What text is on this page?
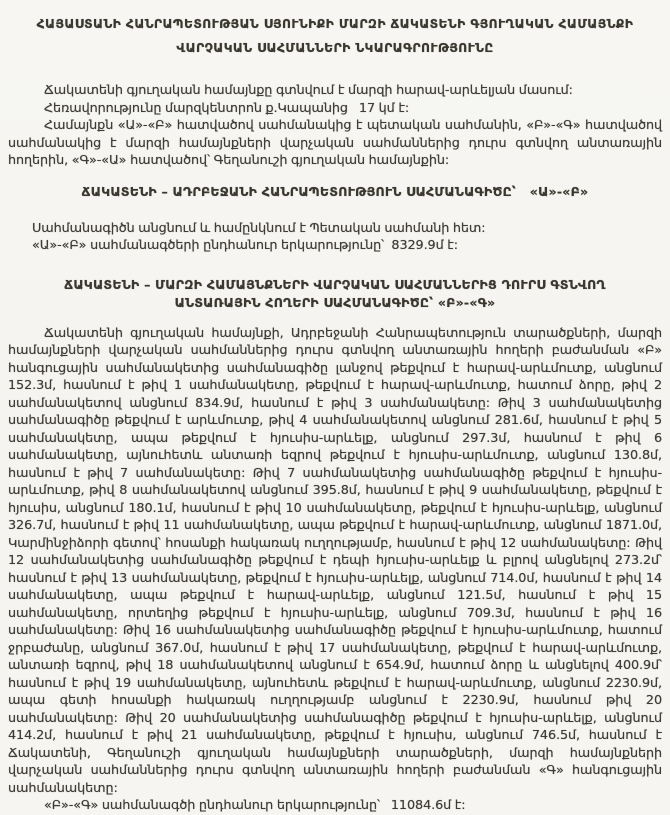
ՀԱՅԱՍՏԱՆԻ ՀԱՆՐԱՊԵՏՈՒԹՅԱՆ ՍՅՈՒՆԻՔԻ ՄԱՐԶԻ ՃԱԿԱՏԵՆԻ ԳՅՈՒՂԱԿԱՆ ՀԱՄԱՅՆՔԻ
ՎԱՐՉԱԿԱՆ ՍԱՀՄԱՆՆԵՐԻ ՆԿԱՐԱԳՐՈՒԹՅՈՒՆԸ

Ճակատենի գյուղական համայնքը գտնվում է մարզի հարավ-արևելյան մասում:

Հեռավորությունը մարզկենտրոն ք.Կապանից   17 կմ է:

Համայնքն «Ա»-«Բ» հատվածով սահմանակից է պետական սահմանին, «Բ»-«Գ» հատվածով սահմանակից է մարզի համայնքների վարչական սահմաններից դուրս գտնվող անտառային հողերին, «Գ»-«Ա» հատվածով՝ Գեղանուշի գյուղական համայնքին:

ՃԱԿԱՏԵՆԻ – ԱԴՐԲԵՋԱՆԻ ՀԱՆՐԱՊԵՏՈՒԹՅՈՒՆ ՍԱՀՄԱՆԱԳԻԾԸ՝   «Ա»-«Բ»

Սահմանագիծն անցնում և համընկնում է Պետական սահմանի հետ:

«Ա»-«Բ» սահմանագծերի ընդհանուր երկարությունը՝  8329.9մ է:

ՃԱԿԱՏԵՆԻ – ՄԱՐԶԻ ՀԱՄԱՅՆՔՆԵՐԻ ՎԱՐՉԱԿԱՆ ՍԱՀՄԱՆՆԵՐԻՑ ԴՈՒՐՍ ԳՏՆՎՈՂ
ԱՆՏԱՌԱՅԻՆ ՀՈՂԵՐԻ ՍԱՀՄԱՆԱԳԻԾԸ՝ «Բ»-«Գ»

Ճակատենի գյուղական համայնքի, Ադրբեջանի Հանրապետություն տարածքների, մարզի համայնքների վարչական սահմաններից դուրս գտնվող անտառային հողերի բաժանման «Բ» հանգուցային սահմանակետից սահմանագիծը լանջով թեքվում է հարավ-արևմուտք, անցնում 152.3մ, հասնում է թիվ 1 սահմանակետը, թեքվում է հարավ-արևմուտք, հատում ձորը, թիվ 2 սահմանակետով անցնում 834.9մ, հասնում է թիվ 3 սահմանակետը: Թիվ 3 սահմանակետից սահմանագիծը թեքվում է արևմուտք, թիվ 4 սահմանակետով անցնում 281.6մ, հասնում է թիվ 5 սահմանակետը, ապա թեքվում է հյուսիս-արևելք, անցնում 297.3մ, հասնում է թիվ 6 սահմանակետը, այնուհետև անտառի եզրով թեքվում է հյուսիս-արևմուտք, անցնում 130.8մ, հասնում է թիվ 7 սահմանակետը: Թիվ 7 սահմանակետից սահմանագիծը թեքվում է հյուսիս-արևմուտք, թիվ 8 սահմանակետով անցնում 395.8մ, հասնում է թիվ 9 սահմանակետը, թեքվում է հյուսիս, անցնում 180.1մ, հասնում է թիվ 10 սահմանակետը, թեքվում է հյուսիս-արևելք, անցնում 326.7մ, հասնում է թիվ 11 սահմանակետը, ապա թեքվում է հարավ-արևմուտք, անցնում 1871.0մ, Կարմինջիձորի գետով՝ հոսանքի հակառակ ուղղությամբ, հասնում է թիվ 12 սահմանակետը: Թիվ 12 սահմանակետից սահմանագիծը թեքվում է դեպի հյուսիս-արևելք և բլրով անցնելով 273.2մ՝ հասնում է թիվ 13 սահմանակետը, թեքվում է հյուսիս-արևելք, անցնում 714.0մ, հասնում է թիվ 14 սահմանակետը, ապա թեքվում է հարավ-արևելք, անցնում 121.5մ, հասնում է թիվ 15 սահմանակետը, որտեղից թեքվում է հյուսիս-արևելք, անցնում 709.3մ, հասնում է թիվ 16 սահմանակետը: Թիվ 16 սահմանակետից սահմանագիծը թեքվում է հյուսիս-արևմուտք, հատում ջրբաժանը, անցնում 367.0մ, հասնում է թիվ 17 սահմանակետը, թեքվում է հարավ-արևմուտք, անտառի եզրով, թիվ 18 սահմանակետով անցնում է 654.9մ, հատում ձորը և անցնելով 400.9մ՝ հասնում է թիվ 19 սահմանակետը, այնուհետև թեքվում է հարավ-արևմուտք, անցնում 2230.9մ, ապա գետի հոսանքի հակառակ ուղղությամբ անցնում է 2230.9մ, հասնում թիվ 20 սահմանակետը: Թիվ 20 սահմանակետից սահմանագիծը թեքվում է հյուսիս-արևելք, անցնում 414.2մ, հասնում է թիվ 21 սահմանակետը, թեքվում է հյուսիս, անցնում 746.5մ, հասնում է Ճակատենի, Գեղանուշի գյուղական համայնքների տարածքների, մարզի համայնքների վարչական սահմաններից դուրս գտնվող անտառային հողերի բաժանման «Գ» հանգուցային սահմանակետը:

«Բ»-«Գ» սահմանագծի ընդհանուր երկարությունը՝   11084.6մ է:
